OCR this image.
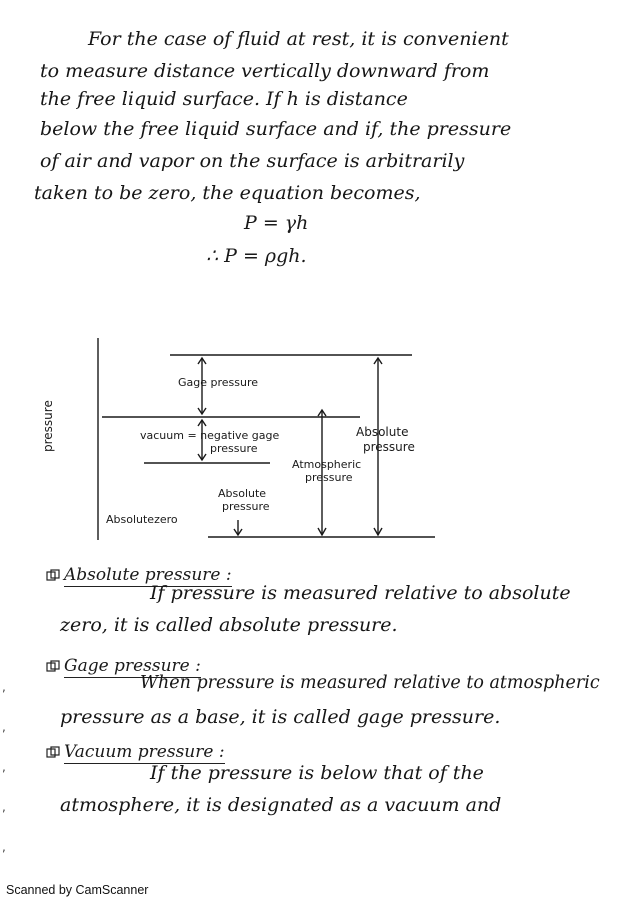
For the case of fluid at rest, it is convenient
to measure distance vertically downward from
the free liquid surface. If h is distance
below the free liquid surface and if, the pressure
of air and vapor on the surface is arbitrarily
taken to be zero, the equation becomes,
P = γh
∴ P = ρgh.
pressure
Gage pressure
vacuum = negative gage
pressure
Atmospheric
pressure
Absolute
pressure
Absolutezero
Absolute
pressure
Absolute pressure :
If pressure is measured relative to absolute
zero, it is called absolute pressure.
Gage pressure :
When pressure is measured relative to atmospheric
pressure as a base, it is called gage pressure.
Vacuum pressure :
If the pressure is below that of the
atmosphere, it is designated as a vacuum and
,
,
,
,
,
Scanned by CamScanner
